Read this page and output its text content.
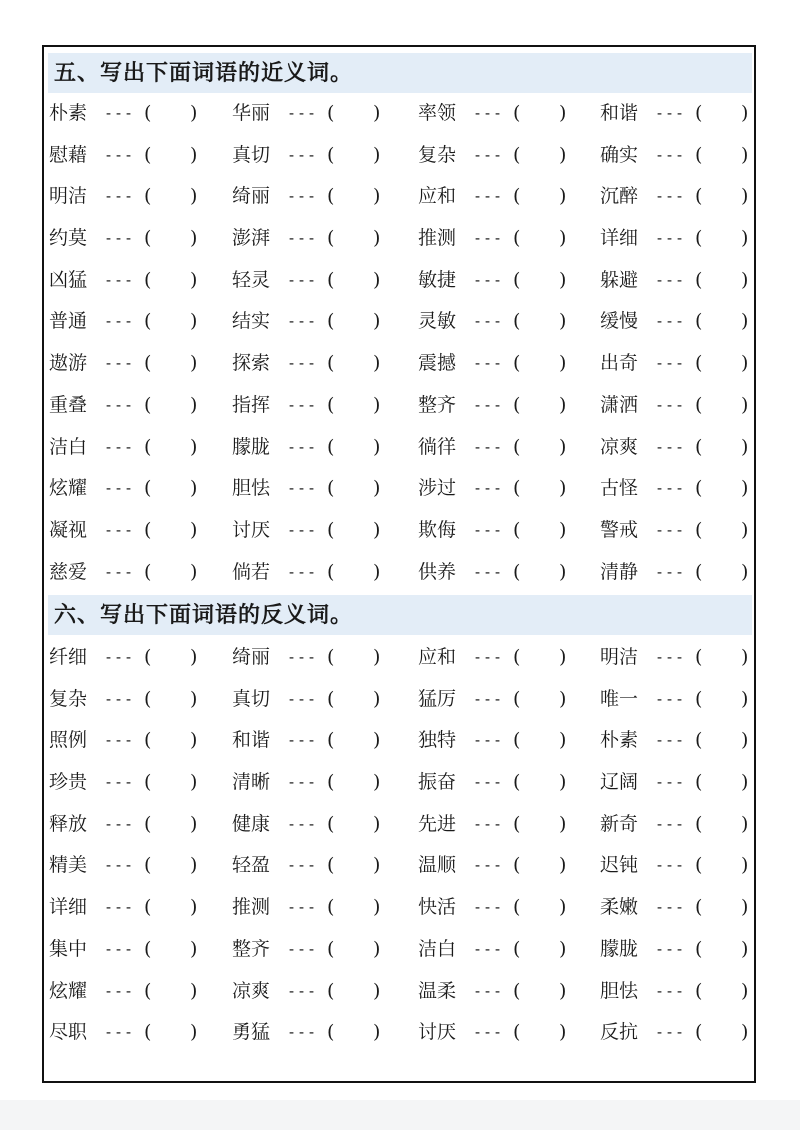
五、写出下面词语的近义词。
朴素 --- ( ) 华丽 --- ( ) 率领 --- ( ) 和谐 --- ( )
慰藉 --- ( ) 真切 --- ( ) 复杂 --- ( ) 确实 --- ( )
明洁 --- ( ) 绮丽 --- ( ) 应和 --- ( ) 沉醉 --- ( )
约莫 --- ( ) 澎湃 --- ( ) 推测 --- ( ) 详细 --- ( )
凶猛 --- ( ) 轻灵 --- ( ) 敏捷 --- ( ) 躲避 --- ( )
普通 --- ( ) 结实 --- ( ) 灵敏 --- ( ) 缓慢 --- ( )
遨游 --- ( ) 探索 --- ( ) 震撼 --- ( ) 出奇 --- ( )
重叠 --- ( ) 指挥 --- ( ) 整齐 --- ( ) 潇洒 --- ( )
洁白 --- ( ) 朦胧 --- ( ) 徜徉 --- ( ) 凉爽 --- ( )
炫耀 --- ( ) 胆怯 --- ( ) 涉过 --- ( ) 古怪 --- ( )
凝视 --- ( ) 讨厌 --- ( ) 欺侮 --- ( ) 警戒 --- ( )
慈爱 --- ( ) 倘若 --- ( ) 供养 --- ( ) 清静 --- ( )
六、写出下面词语的反义词。
纤细 --- ( ) 绮丽 --- ( ) 应和 --- ( ) 明洁 --- ( )
复杂 --- ( ) 真切 --- ( ) 猛厉 --- ( ) 唯一 --- ( )
照例 --- ( ) 和谐 --- ( ) 独特 --- ( ) 朴素 --- ( )
珍贵 --- ( ) 清晰 --- ( ) 振奋 --- ( ) 辽阔 --- ( )
释放 --- ( ) 健康 --- ( ) 先进 --- ( ) 新奇 --- ( )
精美 --- ( ) 轻盈 --- ( ) 温顺 --- ( ) 迟钝 --- ( )
详细 --- ( ) 推测 --- ( ) 快活 --- ( ) 柔嫩 --- ( )
集中 --- ( ) 整齐 --- ( ) 洁白 --- ( ) 朦胧 --- ( )
炫耀 --- ( ) 凉爽 --- ( ) 温柔 --- ( ) 胆怯 --- ( )
尽职 --- ( ) 勇猛 --- ( ) 讨厌 --- ( ) 反抗 --- ( )
